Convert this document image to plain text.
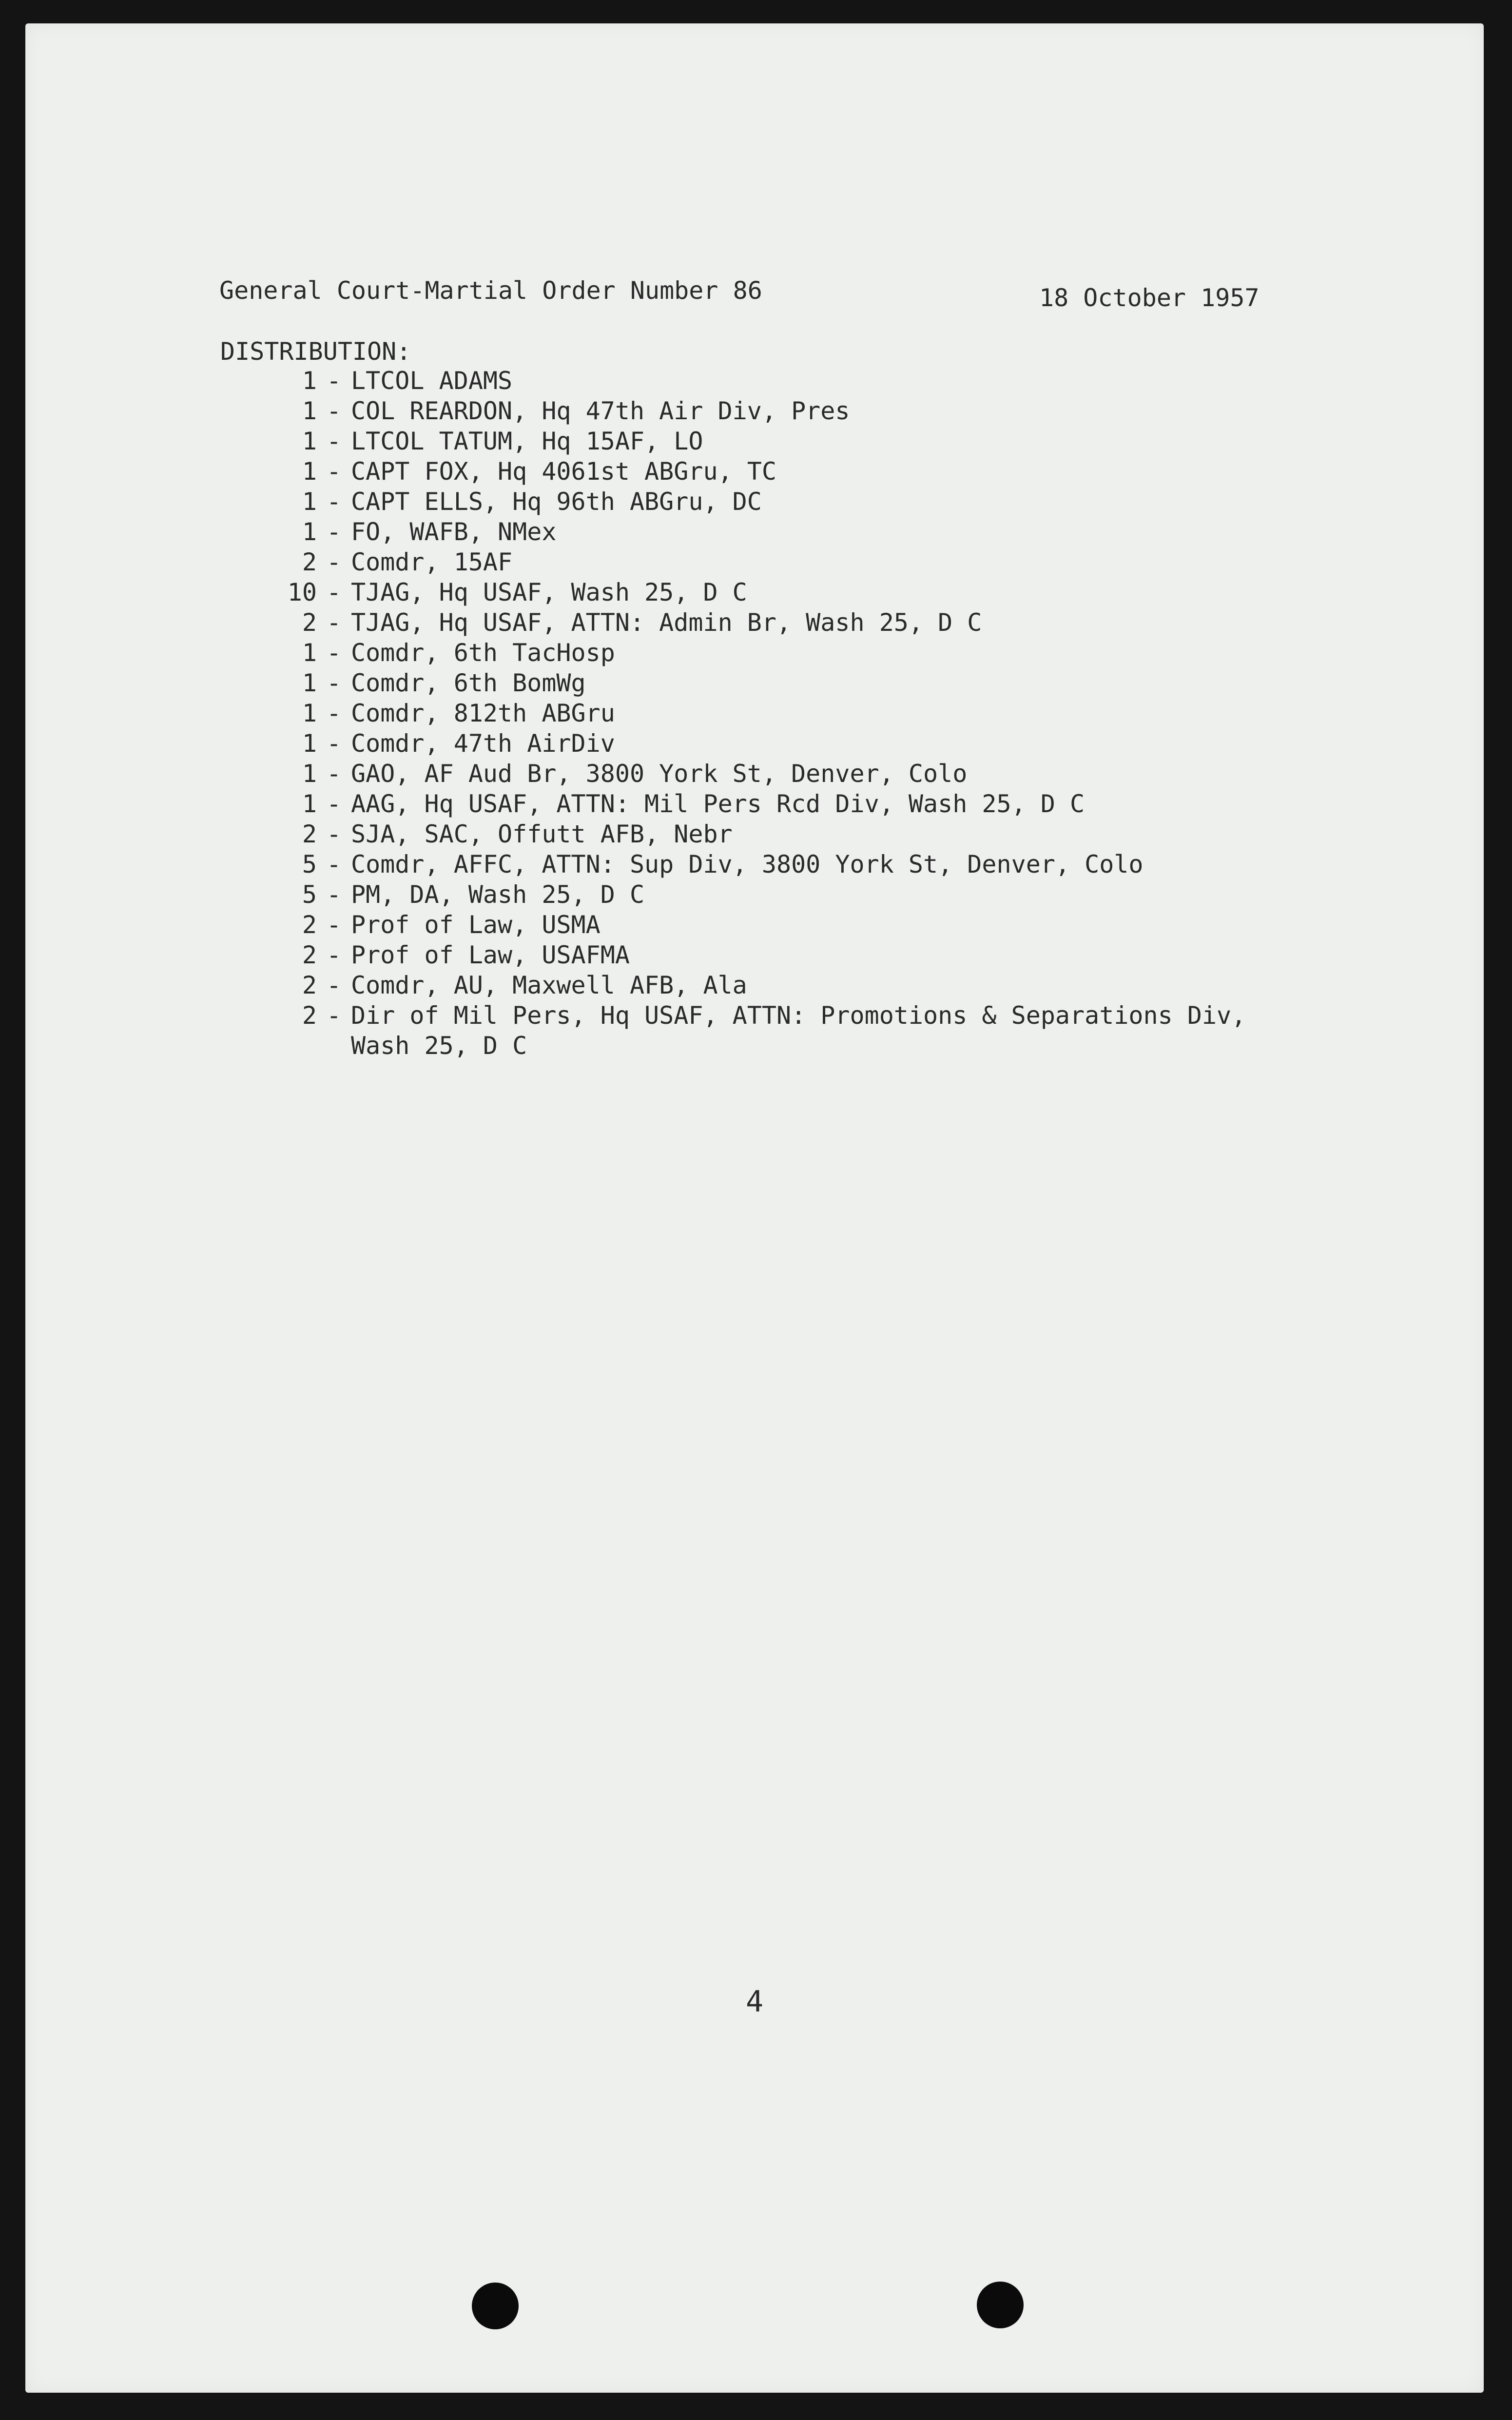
General Court-Martial Order Number 86	18 October 1957
DISTRIBUTION:
1 - LTCOL ADAMS
1 - COL REARDON, Hq 47th Air Div, Pres
1 - LTCOL TATUM, Hq 15AF, LO
1 - CAPT FOX, Hq 4061st ABGru, TC
1 - CAPT ELLS, Hq 96th ABGru, DC
1 - FO, WAFB, NMex
2 - Comdr, 15AF
10 - TJAG, Hq USAF, Wash 25, D C
2 - TJAG, Hq USAF, ATTN: Admin Br, Wash 25, D C
1 - Comdr, 6th TacHosp
1 - Comdr, 6th BomWg
1 - Comdr, 812th ABGru
1 - Comdr, 47th AirDiv
1 - GAO, AF Aud Br, 3800 York St, Denver, Colo
1 - AAG, Hq USAF, ATTN: Mil Pers Rcd Div, Wash 25, D C
2 - SJA, SAC, Offutt AFB, Nebr
5 - Comdr, AFFC, ATTN: Sup Div, 3800 York St, Denver, Colo
5 - PM, DA, Wash 25, D C
2 - Prof of Law, USMA
2 - Prof of Law, USAFMA
2 - Comdr, AU, Maxwell AFB, Ala
2 - Dir of Mil Pers, Hq USAF, ATTN: Promotions & Separations Div,
Wash 25, D C
4
